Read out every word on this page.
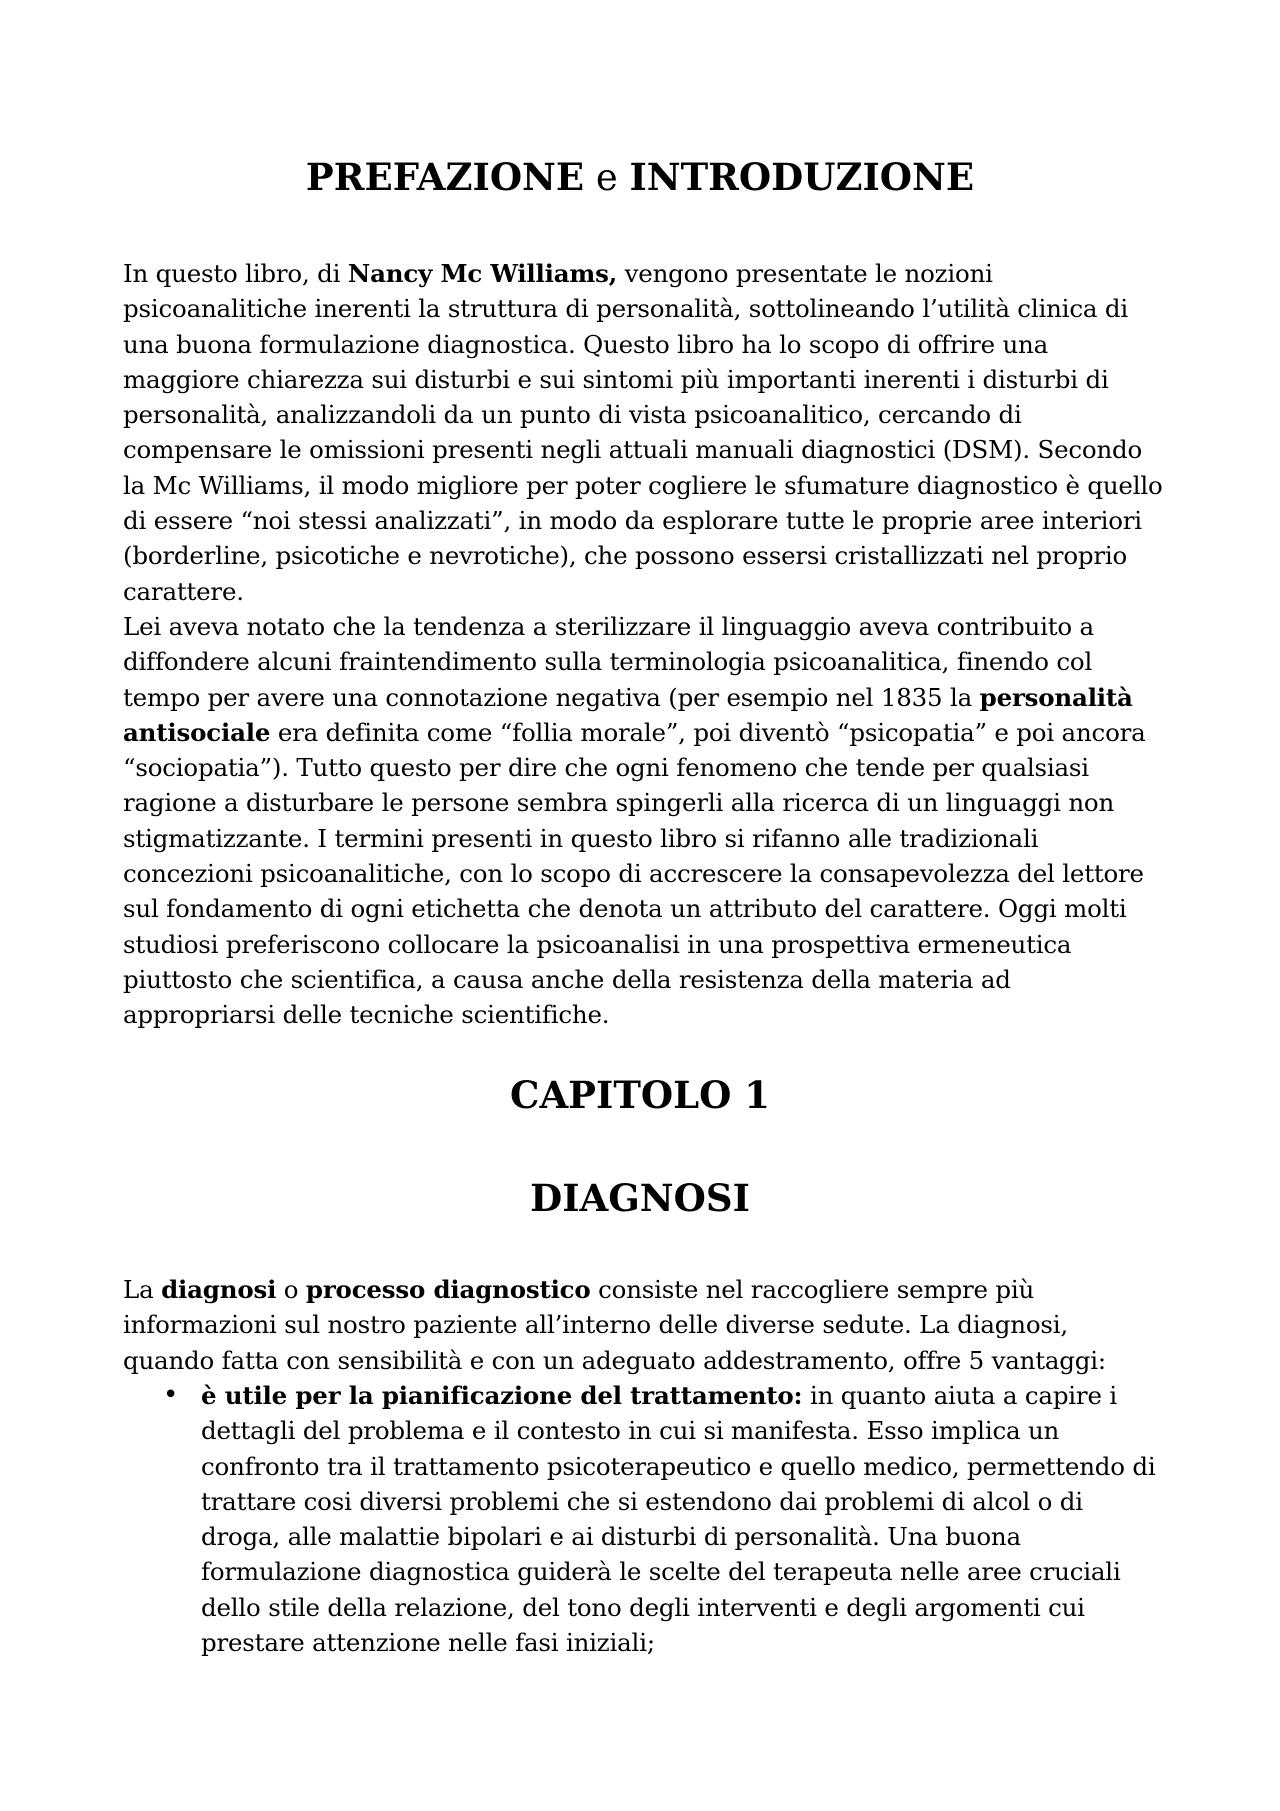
PREFAZIONE e INTRODUZIONE

In questo libro, di Nancy Mc Williams, vengono presentate le nozioni psicoanalitiche inerenti la struttura di personalità, sottolineando l’utilità clinica di una buona formulazione diagnostica. Questo libro ha lo scopo di offrire una maggiore chiarezza sui disturbi e sui sintomi più importanti inerenti i disturbi di personalità, analizzandoli da un punto di vista psicoanalitico, cercando di compensare le omissioni presenti negli attuali manuali diagnostici (DSM). Secondo la Mc Williams, il modo migliore per poter cogliere le sfumature diagnostico è quello di essere “noi stessi analizzati”, in modo da esplorare tutte le proprie aree interiori (borderline, psicotiche e nevrotiche), che possono essersi cristallizzati nel proprio carattere.

Lei aveva notato che la tendenza a sterilizzare il linguaggio aveva contribuito a diffondere alcuni fraintendimento sulla terminologia psicoanalitica, finendo col tempo per avere una connotazione negativa (per esempio nel 1835 la personalità antisociale era definita come “follia morale”, poi diventò “psicopatia” e poi ancora “sociopatia”). Tutto questo per dire che ogni fenomeno che tende per qualsiasi ragione a disturbare le persone sembra spingerli alla ricerca di un linguaggi non stigmatizzante. I termini presenti in questo libro si rifanno alle tradizionali concezioni psicoanalitiche, con lo scopo di accrescere la consapevolezza del lettore sul fondamento di ogni etichetta che denota un attributo del carattere. Oggi molti studiosi preferiscono collocare la psicoanalisi in una prospettiva ermeneutica piuttosto che scientifica, a causa anche della resistenza della materia ad appropriarsi delle tecniche scientifiche.

CAPITOLO 1
DIAGNOSI

La diagnosi o processo diagnostico consiste nel raccogliere sempre più informazioni sul nostro paziente all’interno delle diverse sedute. La diagnosi, quando fatta con sensibilità e con un adeguato addestramento, offre 5 vantaggi:

• è utile per la pianificazione del trattamento: in quanto aiuta a capire i dettagli del problema e il contesto in cui si manifesta. Esso implica un confronto tra il trattamento psicoterapeutico e quello medico, permettendo di trattare cosi diversi problemi che si estendono dai problemi di alcol o di droga, alle malattie bipolari e ai disturbi di personalità. Una buona formulazione diagnostica guiderà le scelte del terapeuta nelle aree cruciali dello stile della relazione, del tono degli interventi e degli argomenti cui prestare attenzione nelle fasi iniziali;
